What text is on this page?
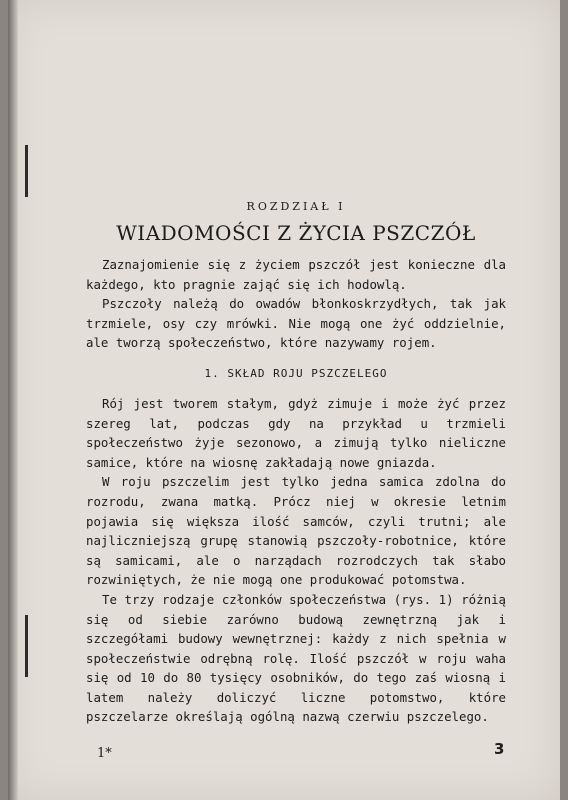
ROZDZIAŁ I
WIADOMOŚCI Z ŻYCIA PSZCZÓŁ

Zaznajomienie się z życiem pszczół jest konieczne dla każdego, kto pragnie zająć się ich hodowlą.

Pszczoły należą do owadów błonkoskrzydłych, tak jak trzmiele, osy czy mrówki. Nie mogą one żyć oddzielnie, ale tworzą społeczeństwo, które nazywamy rojem.

1. SKŁAD ROJU PSZCZELEGO

Rój jest tworem stałym, gdyż zimuje i może żyć przez szereg lat, podczas gdy na przykład u trzmieli społeczeństwo żyje sezonowo, a zimują tylko nieliczne samice, które na wiosnę zakładają nowe gniazda.

W roju pszczelim jest tylko jedna samica zdolna do rozrodu, zwana matką. Prócz niej w okresie letnim pojawia się większa ilość samców, czyli trutni; ale najliczniejszą grupę stanowią pszczoły-robotnice, które są samicami, ale o narządach rozrodczych tak słabo rozwiniętych, że nie mogą one produkować potomstwa.

Te trzy rodzaje członków społeczeństwa (rys. 1) różnią się od siebie zarówno budową zewnętrzną jak i szczegółami budowy wewnętrznej: każdy z nich spełnia w społeczeństwie odrębną rolę. Ilość pszczół w roju waha się od 10 do 80 tysięcy osobników, do tego zaś wiosną i latem należy doliczyć liczne potomstwo, które pszczelarze określają ogólną nazwą czerwiu pszczelego.

1*	3
